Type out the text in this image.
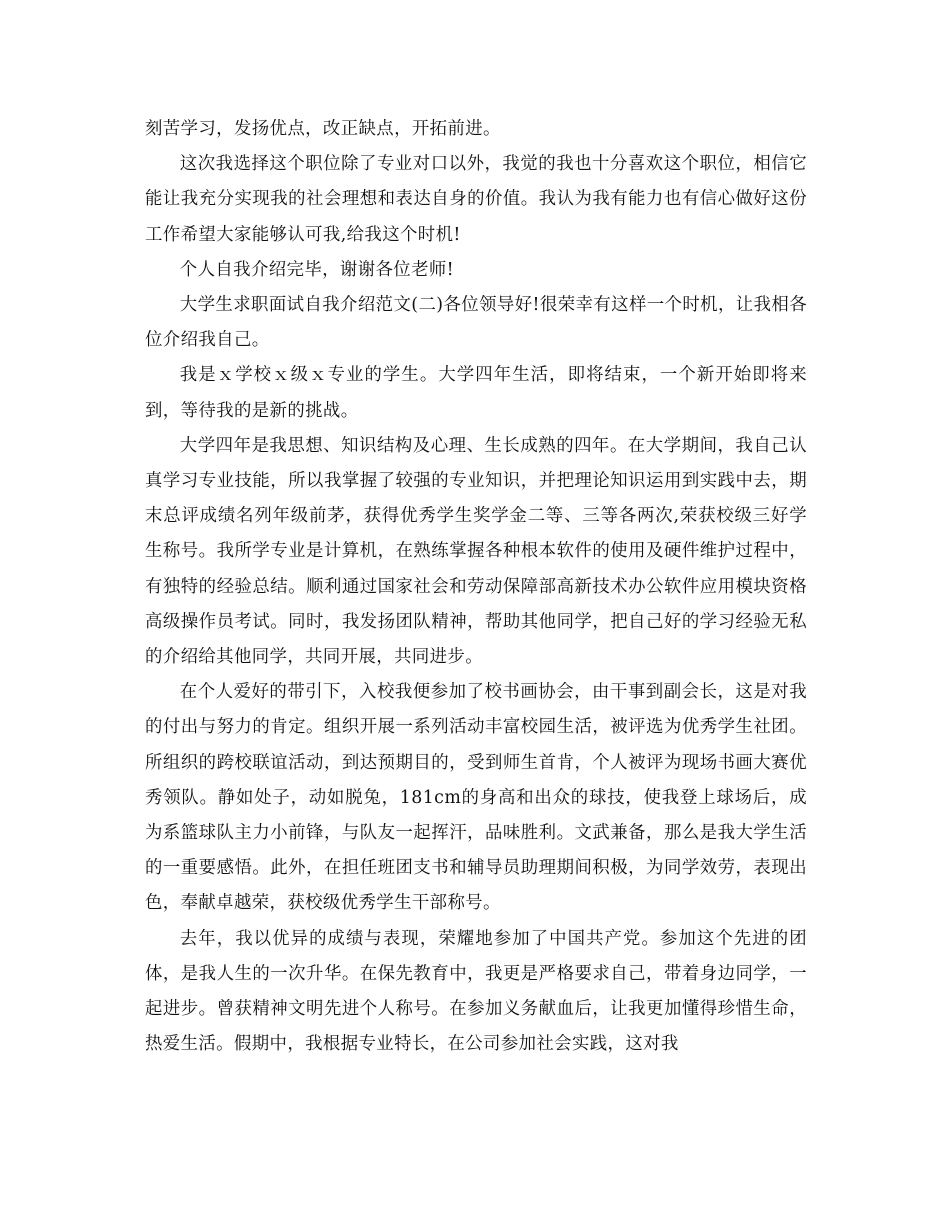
刻苦学习，发扬优点，改正缺点，开拓前进。

这次我选择这个职位除了专业对口以外，我觉的我也十分喜欢这个职位，相信它能让我充分实现我的社会理想和表达自身的价值。我认为我有能力也有信心做好这份工作希望大家能够认可我,给我这个时机!

个人自我介绍完毕，谢谢各位老师!

大学生求职面试自我介绍范文(二)各位领导好!很荣幸有这样一个时机，让我相各位介绍我自己。

我是ｘ学校ｘ级ｘ专业的学生。大学四年生活，即将结束，一个新开始即将来到，等待我的是新的挑战。

大学四年是我思想、知识结构及心理、生长成熟的四年。在大学期间，我自己认真学习专业技能，所以我掌握了较强的专业知识，并把理论知识运用到实践中去，期末总评成绩名列年级前茅，获得优秀学生奖学金二等、三等各两次,荣获校级三好学生称号。我所学专业是计算机，在熟练掌握各种根本软件的使用及硬件维护过程中，有独特的经验总结。顺利通过国家社会和劳动保障部高新技术办公软件应用模块资格高级操作员考试。同时，我发扬团队精神，帮助其他同学，把自己好的学习经验无私的介绍给其他同学，共同开展，共同进步。

在个人爱好的带引下，入校我便参加了校书画协会，由干事到副会长，这是对我的付出与努力的肯定。组织开展一系列活动丰富校园生活，被评选为优秀学生社团。所组织的跨校联谊活动，到达预期目的，受到师生首肯，个人被评为现场书画大赛优秀领队。静如处子，动如脱兔，181cm的身高和出众的球技，使我登上球场后，成为系篮球队主力小前锋，与队友一起挥汗，品味胜利。文武兼备，那么是我大学生活的一重要感悟。此外，在担任班团支书和辅导员助理期间积极，为同学效劳，表现出色，奉献卓越荣，获校级优秀学生干部称号。

去年，我以优异的成绩与表现，荣耀地参加了中国共产党。参加这个先进的团体，是我人生的一次升华。在保先教育中，我更是严格要求自己，带着身边同学，一起进步。曾获精神文明先进个人称号。在参加义务献血后，让我更加懂得珍惜生命，热爱生活。假期中，我根据专业特长，在公司参加社会实践，这对我
